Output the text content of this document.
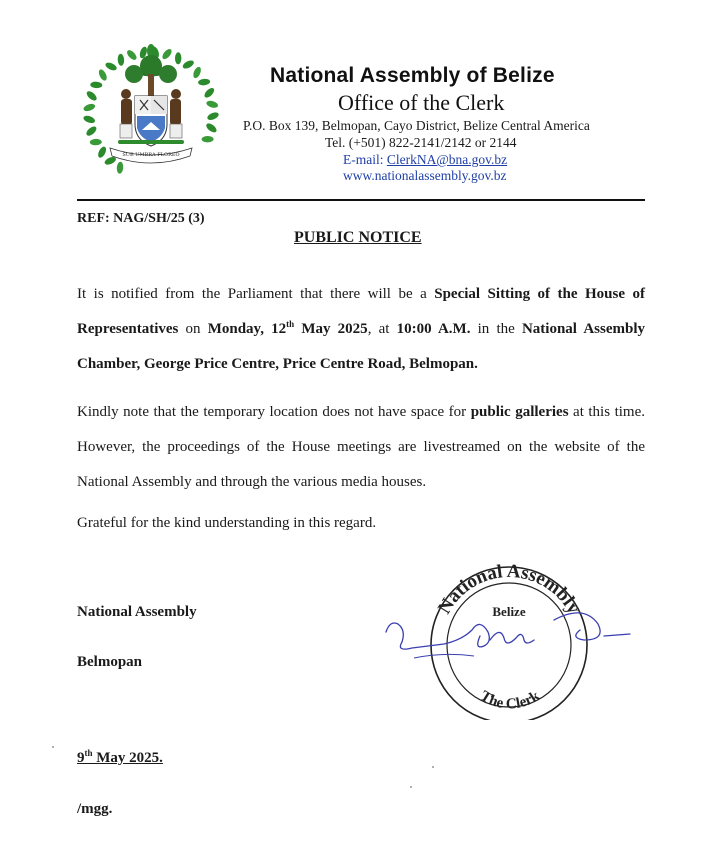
SUB UMBRA FLOREO
National Assembly of Belize
Office of the Clerk
P.O. Box 139, Belmopan, Cayo District, Belize Central America
Tel. (+501) 822-2141/2142 or 2144
E-mail: ClerkNA@bna.gov.bz
www.nationalassembly.gov.bz
REF: NAG/SH/25 (3)
PUBLIC NOTICE
It is notified from the Parliament that there will be a Special Sitting of the House of Representatives on Monday, 12th May 2025, at 10:00 A.M. in the National Assembly Chamber, George Price Centre, Price Centre Road, Belmopan.
Kindly note that the temporary location does not have space for public galleries at this time. However, the proceedings of the House meetings are livestreamed on the website of the National Assembly and through the various media houses.
Grateful for the kind understanding in this regard.
National Assembly
Belmopan
9th May 2025.
/mgg.
National Assembly
Belize
The Clerk
